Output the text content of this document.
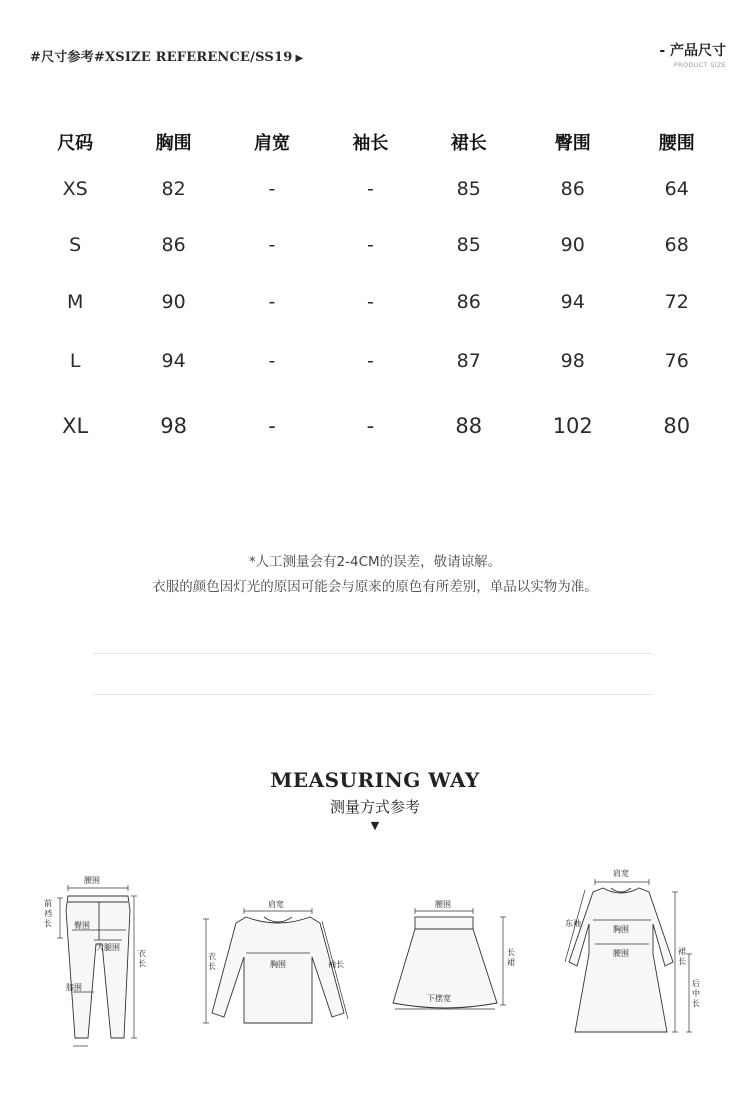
#尺寸参考#ⅩSIZE REFERENCE/SS19 ▶	- 产品尺寸
PRODUCT SIZE
尺码	胸围	肩宽	袖长	裙长	臀围	腰围
XS	82	-	-	85	86	64
S	86	-	-	85	90	68
M	90	-	-	86	94	72
L	94	-	-	87	98	76
XL	98	-	-	88	102	80
*人工测量会有2-4CM的误差，敬请谅解。
衣服的颜色因灯光的原因可能会与原来的原色有所差别，单品以实物为准。
MEASURING WAY
测量方式参考
▼
腰围
前
裆
长	臀围
大腿围
衣
长
膝围
肩宽
衣
长	胸围	袖长
腰围
长
裙
下摆宽
肩宽
东袖
胸围
腰围	裙
长
后
中
长
